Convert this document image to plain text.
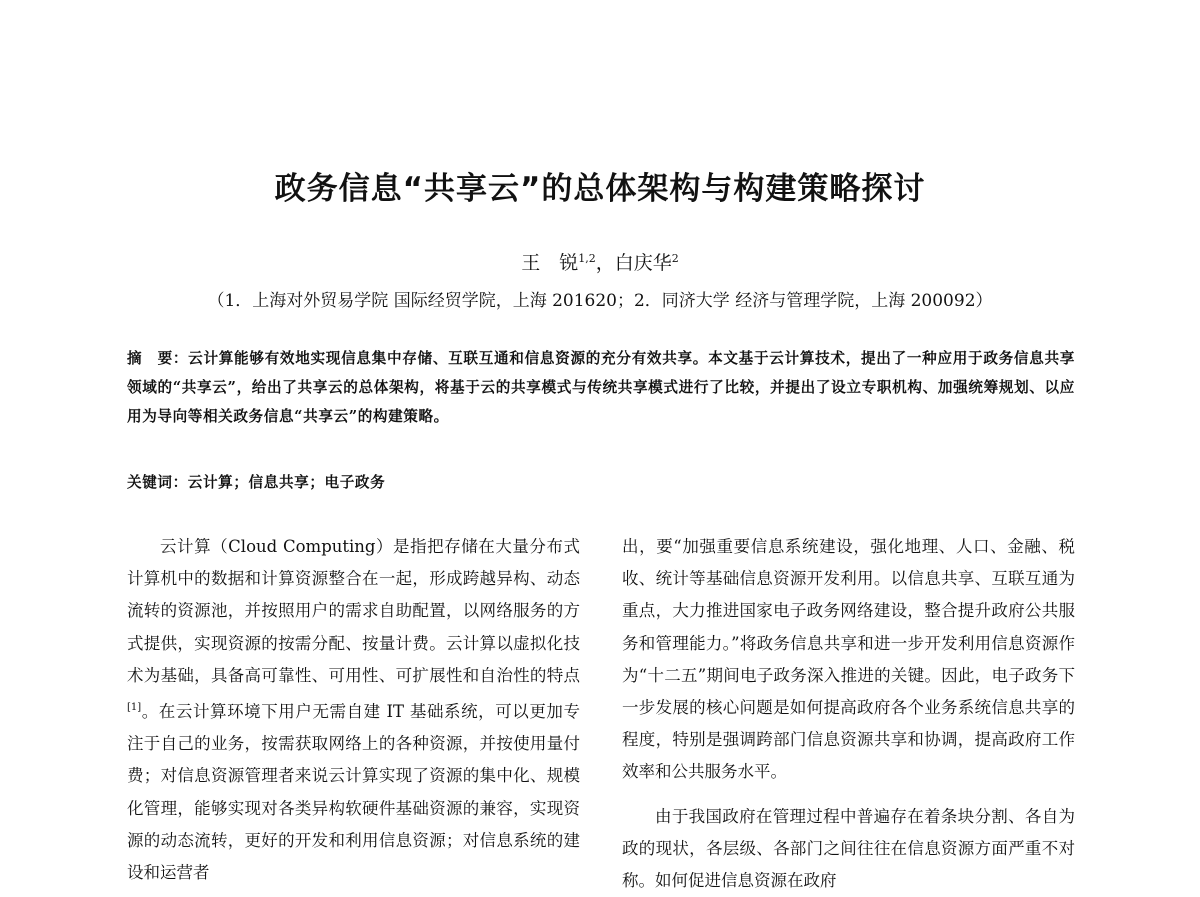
政务信息“共享云”的总体架构与构建策略探讨
王　锐$^{1,2}$，白庆华$^2$
（1．上海对外贸易学院 国际经贸学院，上海 201620；2．同济大学 经济与管理学院，上海 200092）
摘　要：云计算能够有效地实现信息集中存储、互联互通和信息资源的充分有效共享。本文基于云计算技术，提出了一种应用于政务信息共享领域的“共享云”，给出了共享云的总体架构，将基于云的共享模式与传统共享模式进行了比较，并提出了设立专职机构、加强统筹规划、以应用为导向等相关政务信息“共享云”的构建策略。
关键词：云计算；信息共享；电子政务

云计算（Cloud Computing）是指把存储在大量分布式计算机中的数据和计算资源整合在一起，形成跨越异构、动态流转的资源池，并按照用户的需求自助配置，以网络服务的方式提供，实现资源的按需分配、按量计费。云计算以虚拟化技术为基础，具备高可靠性、可用性、可扩展性和自治性的特点[1]。在云计算环境下用户无需自建 IT 基础系统，可以更加专注于自己的业务，按需获取网络上的各种资源，并按使用量付费；对信息资源管理者来说云计算实现了资源的集中化、规模化管理，能够实现对各类异构软硬件基础资源的兼容，实现资源的动态流转，更好的开发和利用信息资源；对信息系统的建设和运营者

出，要“加强重要信息系统建设，强化地理、人口、金融、税收、统计等基础信息资源开发利用。以信息共享、互联互通为重点，大力推进国家电子政务网络建设，整合提升政府公共服务和管理能力。”将政务信息共享和进一步开发利用信息资源作为“十二五”期间电子政务深入推进的关键。因此，电子政务下一步发展的核心问题是如何提高政府各个业务系统信息共享的程度，特别是强调跨部门信息资源共享和协调，提高政府工作效率和公共服务水平。

由于我国政府在管理过程中普遍存在着条块分割、各自为政的现状，各层级、各部门之间往往在信息资源方面严重不对称。如何促进信息资源在政府
